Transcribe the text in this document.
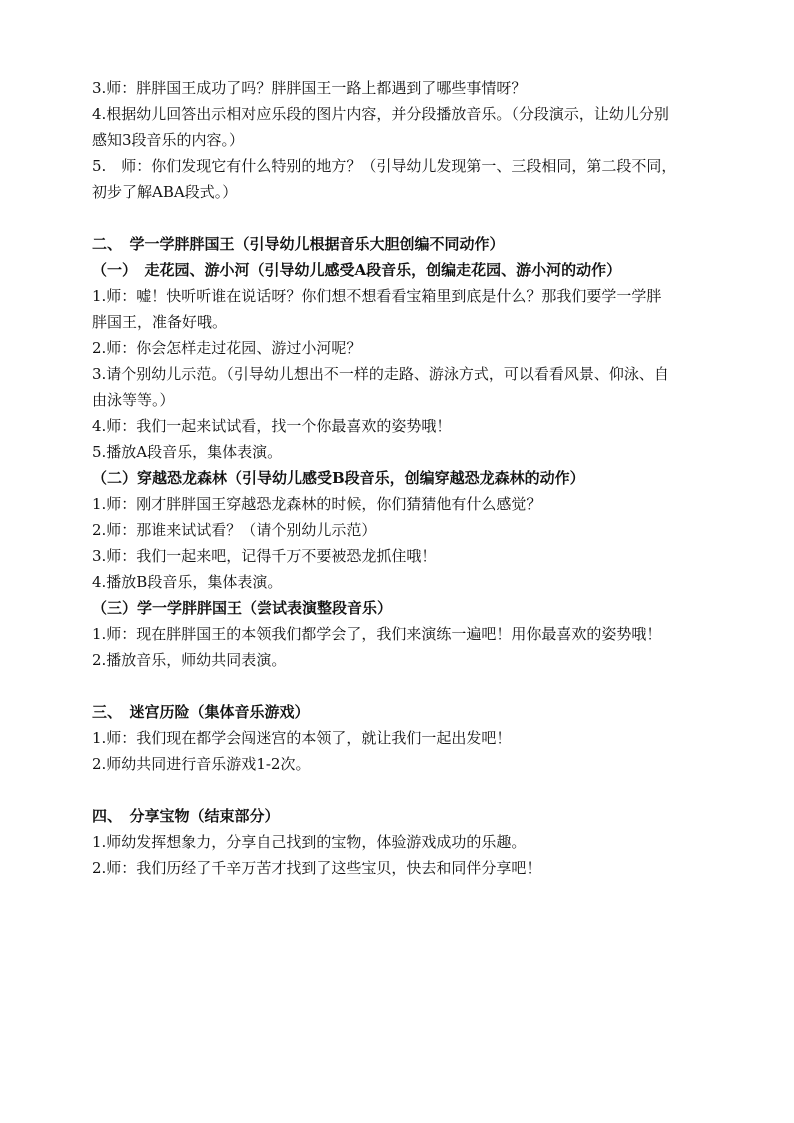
3.师：胖胖国王成功了吗？胖胖国王一路上都遇到了哪些事情呀？
4.根据幼儿回答出示相对应乐段的图片内容，并分段播放音乐。（分段演示，让幼儿分别
感知3段音乐的内容。）
5.　师：你们发现它有什么特别的地方？（引导幼儿发现第一、三段相同，第二段不同，
初步了解ABA段式。）
二、　学一学胖胖国王（引导幼儿根据音乐大胆创编不同动作）
（一）　走花园、游小河（引导幼儿感受A段音乐，创编走花园、游小河的动作）
1.师：嘘！快听听谁在说话呀？你们想不想看看宝箱里到底是什么？那我们要学一学胖
胖国王，准备好哦。
2.师：你会怎样走过花园、游过小河呢？
3.请个别幼儿示范。（引导幼儿想出不一样的走路、游泳方式，可以看看风景、仰泳、自
由泳等等。）
4.师：我们一起来试试看，找一个你最喜欢的姿势哦！
5.播放A段音乐，集体表演。
（二）穿越恐龙森林（引导幼儿感受B段音乐，创编穿越恐龙森林的动作）
1.师：刚才胖胖国王穿越恐龙森林的时候，你们猜猜他有什么感觉？
2.师：那谁来试试看？（请个别幼儿示范）
3.师：我们一起来吧，记得千万不要被恐龙抓住哦！
4.播放B段音乐，集体表演。
（三）学一学胖胖国王（尝试表演整段音乐）
1.师：现在胖胖国王的本领我们都学会了，我们来演练一遍吧！用你最喜欢的姿势哦！
2.播放音乐，师幼共同表演。
三、　迷宫历险（集体音乐游戏）
1.师：我们现在都学会闯迷宫的本领了，就让我们一起出发吧！
2.师幼共同进行音乐游戏1-2次。
四、　分享宝物（结束部分）
1.师幼发挥想象力，分享自己找到的宝物，体验游戏成功的乐趣。
2.师：我们历经了千辛万苦才找到了这些宝贝，快去和同伴分享吧！
